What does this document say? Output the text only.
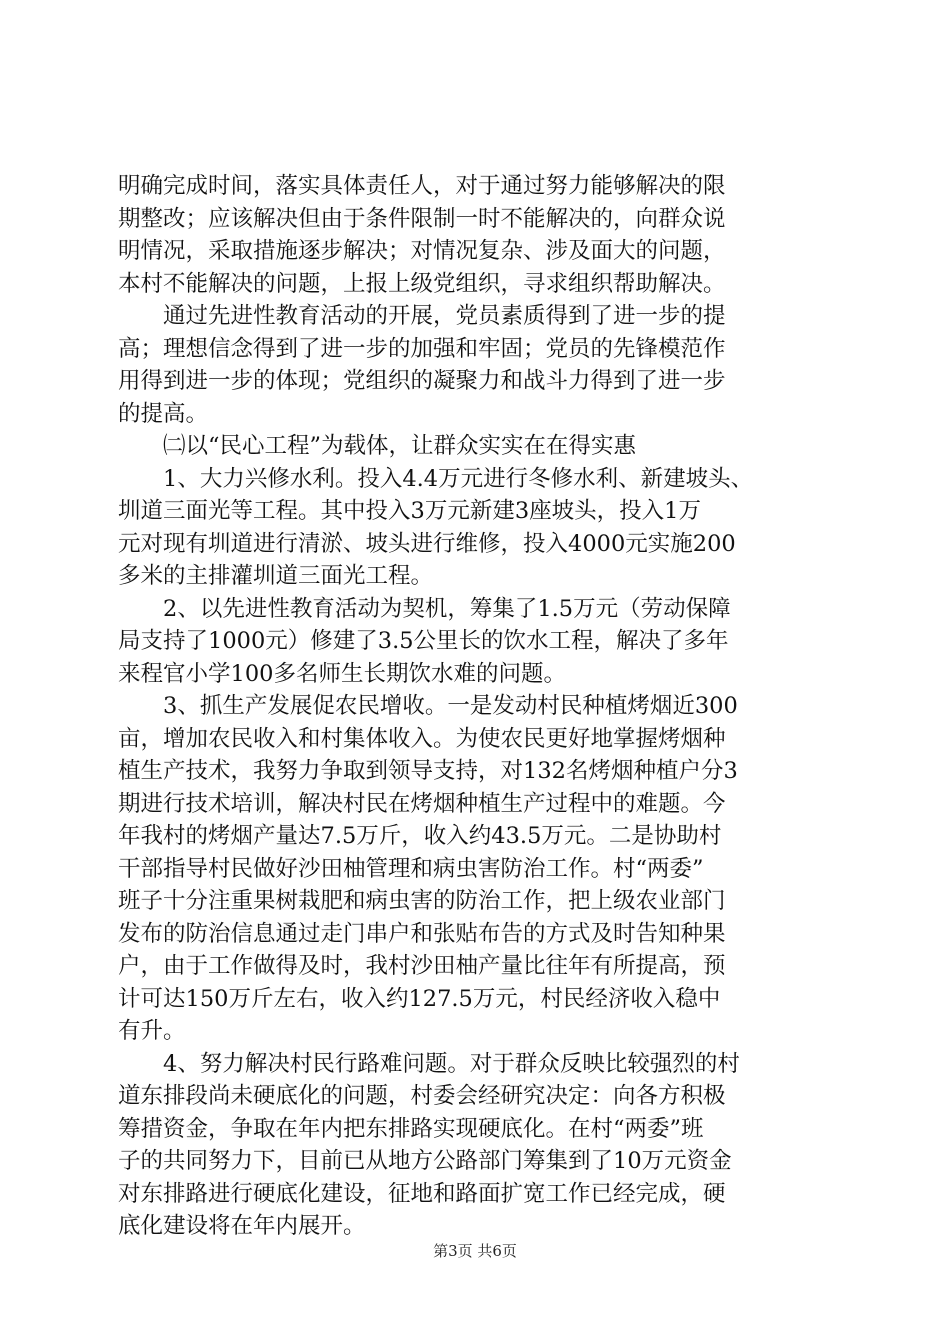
明确完成时间，落实具体责任人，对于通过努力能够解决的限
期整改；应该解决但由于条件限制一时不能解决的，向群众说
明情况，采取措施逐步解决；对情况复杂、涉及面大的问题，
本村不能解决的问题，上报上级党组织，寻求组织帮助解决。
　　通过先进性教育活动的开展，党员素质得到了进一步的提
高；理想信念得到了进一步的加强和牢固；党员的先锋模范作
用得到进一步的体现；党组织的凝聚力和战斗力得到了进一步
的提高。
　　㈡以“民心工程”为载体，让群众实实在在得实惠
　　1、大力兴修水利。投入4.4万元进行冬修水利、新建坡头、
圳道三面光等工程。其中投入3万元新建3座坡头，投入1万
元对现有圳道进行清淤、坡头进行维修，投入4000元实施200
多米的主排灌圳道三面光工程。
　　2、以先进性教育活动为契机，筹集了1.5万元（劳动保障
局支持了1000元）修建了3.5公里长的饮水工程，解决了多年
来程官小学100多名师生长期饮水难的问题。
　　3、抓生产发展促农民增收。一是发动村民种植烤烟近300
亩，增加农民收入和村集体收入。为使农民更好地掌握烤烟种
植生产技术，我努力争取到领导支持，对132名烤烟种植户分3
期进行技术培训，解决村民在烤烟种植生产过程中的难题。今
年我村的烤烟产量达7.5万斤，收入约43.5万元。二是协助村
干部指导村民做好沙田柚管理和病虫害防治工作。村“两委”
班子十分注重果树栽肥和病虫害的防治工作，把上级农业部门
发布的防治信息通过走门串户和张贴布告的方式及时告知种果
户，由于工作做得及时，我村沙田柚产量比往年有所提高，预
计可达150万斤左右，收入约127.5万元，村民经济收入稳中
有升。
　　4、努力解决村民行路难问题。对于群众反映比较强烈的村
道东排段尚未硬底化的问题，村委会经研究决定：向各方积极
筹措资金，争取在年内把东排路实现硬底化。在村“两委”班
子的共同努力下，目前已从地方公路部门筹集到了10万元资金
对东排路进行硬底化建设，征地和路面扩宽工作已经完成，硬
底化建设将在年内展开。
第3页 共6页
